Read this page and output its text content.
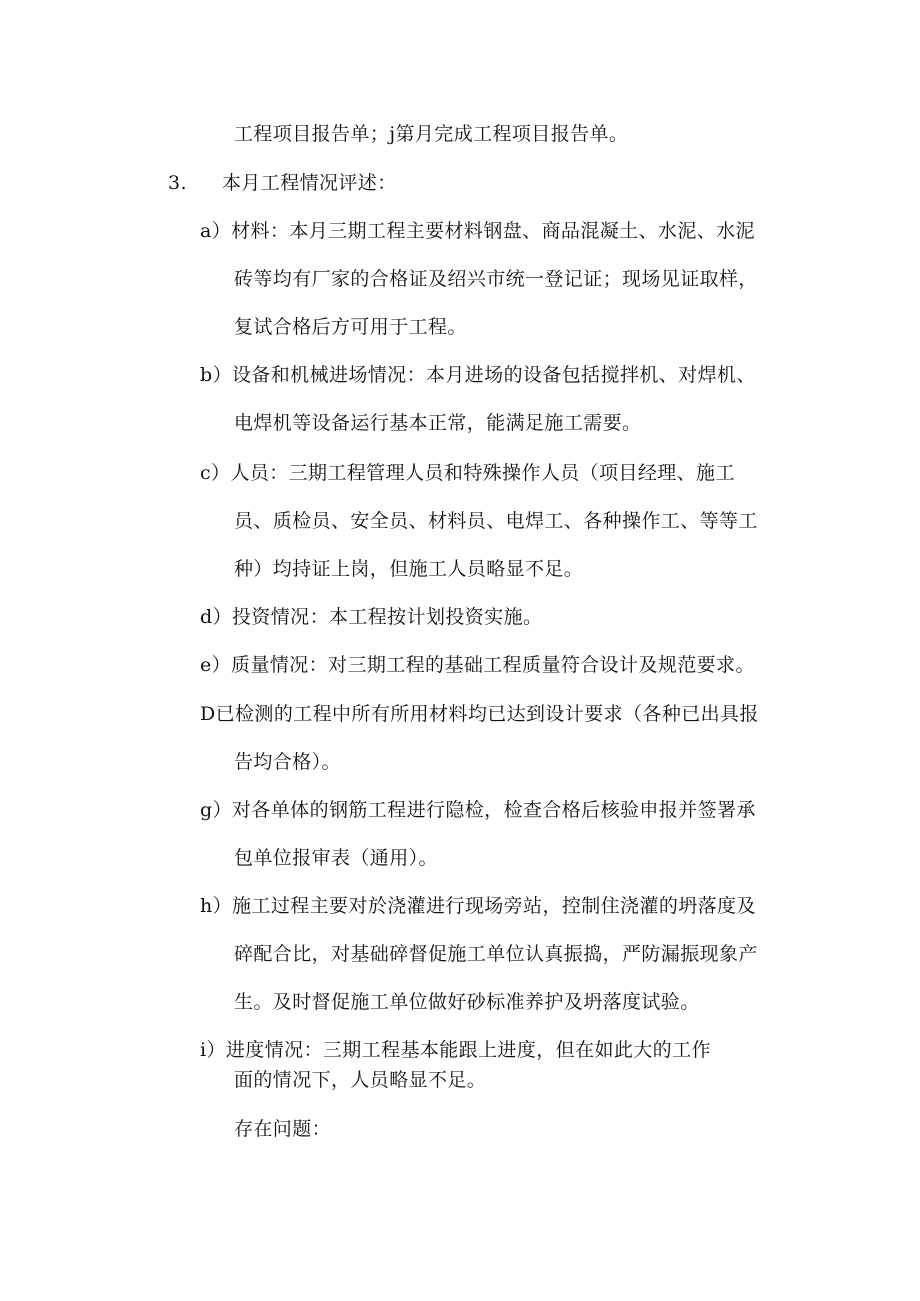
工程项目报告单；j第月完成工程项目报告单。
3. 本月工程情况评述：
a）材料：本月三期工程主要材料钢盘、商品混凝土、水泥、水泥
砖等均有厂家的合格证及绍兴市统一登记证；现场见证取样，
复试合格后方可用于工程。
b）设备和机械进场情况：本月进场的设备包括搅拌机、对焊机、
电焊机等设备运行基本正常，能满足施工需要。
c）人员：三期工程管理人员和特殊操作人员（项目经理、施工
员、质检员、安全员、材料员、电焊工、各种操作工、等等工
种）均持证上岗，但施工人员略显不足。
d）投资情况：本工程按计划投资实施。
e）质量情况：对三期工程的基础工程质量符合设计及规范要求。
D已检测的工程中所有所用材料均已达到设计要求（各种已出具报
告均合格）。
g）对各单体的钢筋工程进行隐检，检查合格后核验申报并签署承
包单位报审表（通用）。
h）施工过程主要对於浇灌进行现场旁站，控制住浇灌的坍落度及
碎配合比，对基础碎督促施工单位认真振捣，严防漏振现象产
生。及时督促施工单位做好砂标准养护及坍落度试验。
i）进度情况：三期工程基本能跟上进度，但在如此大的工作
面的情况下，人员略显不足。
存在问题：
